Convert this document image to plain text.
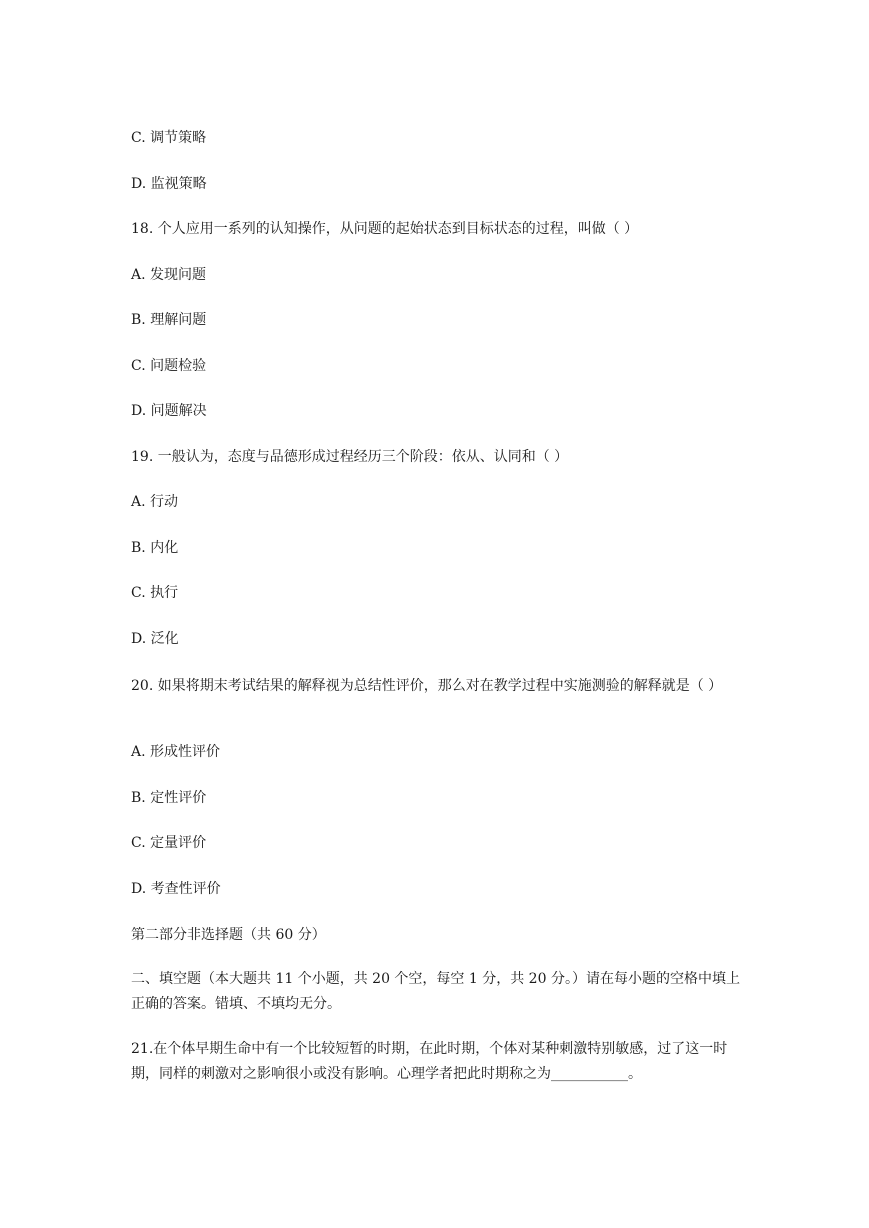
C. 调节策略
D. 监视策略
18. 个人应用一系列的认知操作，从问题的起始状态到目标状态的过程，叫做（ ）
A. 发现问题
B. 理解问题
C. 问题检验
D. 问题解决
19. 一般认为，态度与品德形成过程经历三个阶段：依从、认同和（ ）
A. 行动
B. 内化
C. 执行
D. 泛化
20. 如果将期末考试结果的解释视为总结性评价，那么对在教学过程中实施测验的解释就是（ ）
A. 形成性评价
B. 定性评价
C. 定量评价
D. 考查性评价
第二部分非选择题（共 60 分）
二、填空题（本大题共 11 个小题，共 20 个空，每空 1 分，共 20 分。）请在每小题的空格中填上正确的答案。错填、不填均无分。
21.在个体早期生命中有一个比较短暂的时期，在此时期，个体对某种刺激特别敏感，过了这一时期，同样的刺激对之影响很小或没有影响。心理学者把此时期称之为___________。
